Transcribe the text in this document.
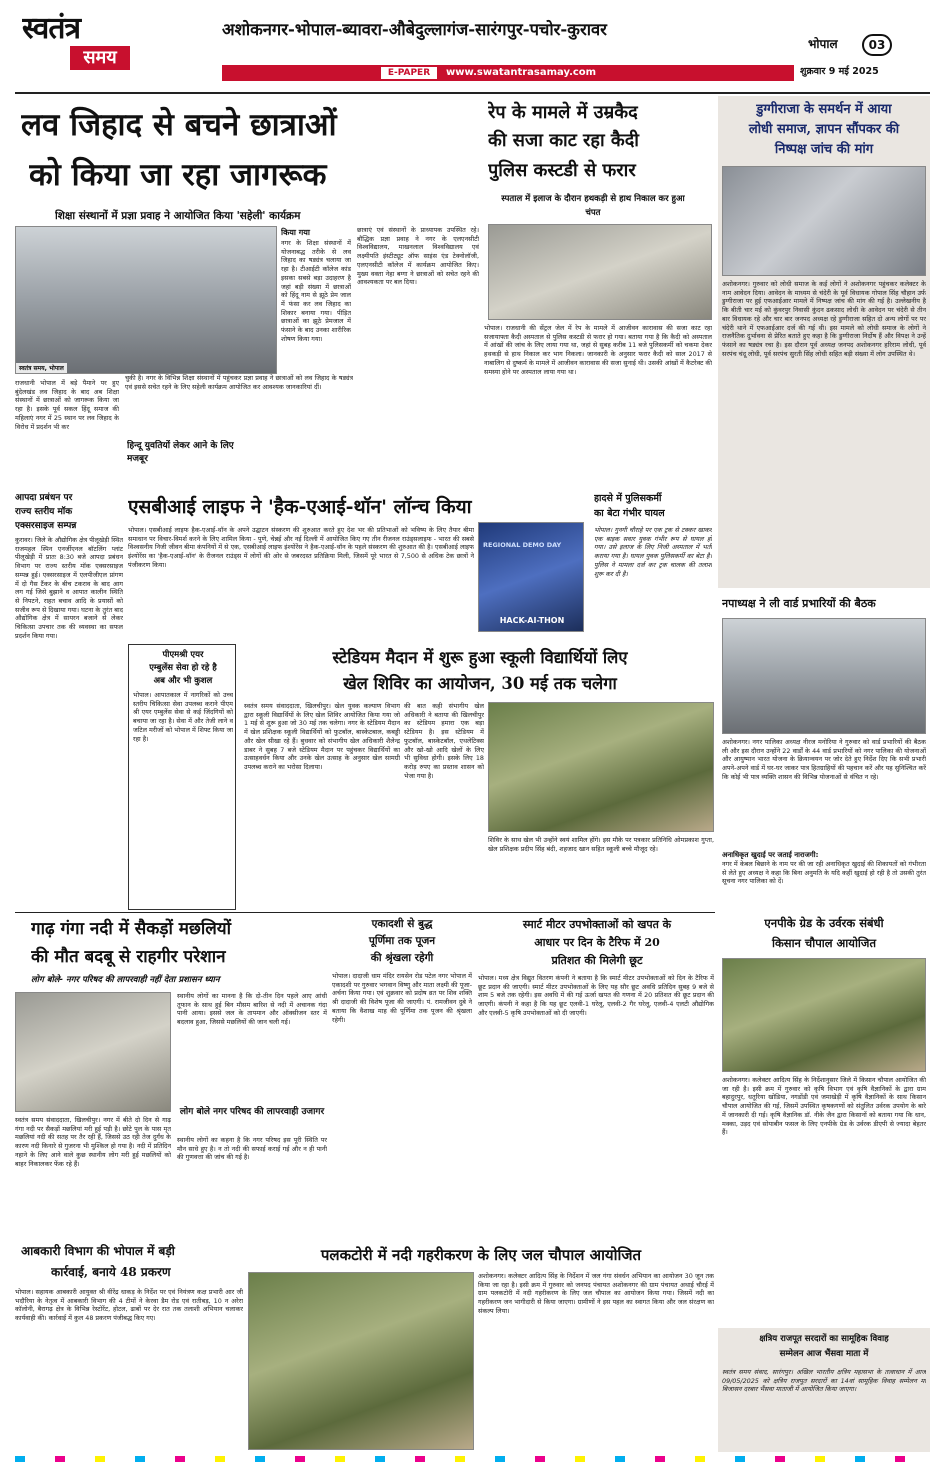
स्वतंत्र
समय
अशोकनगर-भोपाल-ब्यावरा-औबेदुल्लागंज-सारंगपुर-पचोर-कुरावर
E-PAPER	www.swatantrasamay.com
भोपाल	03
शुक्रवार 9 मई 2025
लव जिहाद से बचने छात्राओं
को किया जा रहा जागरूक
शिक्षा संस्थानों में प्रज्ञा प्रवाह ने आयोजित किया 'सहेली' कार्यक्रम
स्वतंत्र समय, भोपाल
किया गया
राजधानी भोपाल में बड़े पैमाने पर हुए बुंदेलखंड लव जिहाद के बाद अब शिक्षा संस्थानों में छात्राओं को जागरूक किया जा रहा है। इसके पूर्व सकल हिंदू समाज की महिलाएं नगर में 25 स्थान पर लव जिहाद के विरोध में प्रदर्शन भी कर
नगर के शिक्षा संस्थानों में योजनाबद्ध तरीके से लव जिहाद का षड्यंत्र चलाया जा रहा है। टीआईटी कॉलेज कांड इसका सबसे बड़ा उदाहरण है जहां बड़ी संख्या में छात्राओं को हिंदू नाम से झूठे प्रेम जाल में फंसा कर लव जिहाद का शिकार बनाया गया। पीड़ित छात्राओं का झूठे प्रेमजाल में फंसाने के बाद उनका शारीरिक शोषण किया गया।
छात्राएं एवं संस्थानों के प्राध्यापक उपस्थित रहे। बौद्धिक प्रज्ञा प्रवाह ने नगर के एलएनसीटी विश्वविद्यालय, माखनलाल विश्वविद्यालय एवं लक्ष्मीपति इंस्टीट्यूट ऑफ साइंस एंड टेक्नोलॉजी, एलएनसीटी कॉलेज में कार्यक्रम आयोजित किए। मुख्य वक्ता नेहा बग्गा ने छात्राओं को सचेत रहने की आवश्यकता पर बल दिया।
चुकी है। नगर के विभिन्न शिक्षा संस्थानों में पहुंचकर प्रज्ञा प्रवाह ने छात्राओं को लव जिहाद के षड्यंत्र एवं इससे सचेत रहने के लिए सहेली कार्यक्रम आयोजित कर आवश्यक जानकारियां दीं।
हिन्दू युवतियों लेकर आने के लिए मजबूर
रेप के मामले में उम्रकैद
की सजा काट रहा कैदी
पुलिस कस्टडी से फरार
स्पताल में इलाज के दौरान हथकड़ी से हाथ निकाल कर हुआ चंपत
भोपाल। राजधानी की सेंट्रल जेल में रेप के मामले में आजीवन कारावास की सजा काट रहा सजायाफ्ता कैदी अस्पताल से पुलिस कस्टडी से फरार हो गया। बताया गया है कि कैदी को अस्पताल में आंखों की जांच के लिए लाया गया था, जहां से सुबह करीब 11 बजे पुलिसकर्मी को चकमा देकर हथकड़ी से हाथ निकाल कर भाग निकला। जानकारी के अनुसार फरार कैदी को साल 2017 से नाबालिग से दुष्कर्म के मामले में आजीवन कारावास की सजा सुनाई थी। उसकी आंखों में कैटरेक्ट की समस्या होने पर अस्पताल लाया गया था।
डुग्गीराजा के समर्थन में आया
लोधी समाज, ज्ञापन सौंपकर की
निष्पक्ष जांच की मांग
अशोकनगर। गुरुवार को लोधी समाज के कई लोगों ने अशोकनगर पहुंचकर कलेक्टर के नाम आवेदन दिया। आवेदन के माध्यम से चंदेरी के पूर्व विधायक गोपाल सिंह चौहान उर्फ डुग्गीराजा पर हुई एफआईआर मामले में निष्पक्ष जांच की मांग की गई है। उल्लेखनीय है कि बीती चार मई को कुंवरपुर निवासी कुंदन ढकसाद लोधी के आवेदन पर चंदेरी से तीन बार विधायक रहे और चार बार जनपद अध्यक्ष रहे डुग्गीराजा सहित दो अन्य लोगों पर पर चंदेरी थाने में एफआईआर दर्ज की गई थी। इस मामले को लोधी समाज के लोगों ने राजनैतिक दुर्भावना से प्रेरित बताते हुए कहा है कि डुग्गीराजा निर्दोष हैं और विपक्ष ने उन्हें फंसाने का षड्यंत्र रचा है। इस दौरान पूर्व अध्यक्ष जनपद अशोकनगर हरिराम लोधी, पूर्व सरपंच चंदू लोधी, पूर्व सरपंच सुरती सिंह लोधी सहित बड़ी संख्या में लोग उपस्थित थे।
नपाध्यक्ष ने ली वार्ड प्रभारियों की बैठक
अशोकनगर। नगर पालिका अध्यक्ष नीरज मनोरिया ने गुरुवार को वार्ड प्रभारियों की बैठक ली और इस दौरान उन्होंने 22 वार्डों के 44 वार्ड प्रभारियों को नगर पालिका की योजनाओं और आयुष्मान भारत योजना के क्रियान्वयन पर जोर देते हुए निर्देश दिए कि सभी प्रभारी अपने-अपने वार्ड में घर-घर जाकर पात्र हितग्राहियों की पहचान करें और यह सुनिश्चित करें कि कोई भी पात्र व्यक्ति शासन की विभिन्न योजनाओं से वंचित न रहे।
अनाधिकृत खुदाई पर जताई नाराजगी:
नगर में केबल बिछाने के नाम पर की जा रही अनाधिकृत खुदाई की शिकायतों को गंभीरता से लेते हुए अध्यक्ष ने कहा कि बिना अनुमति के यदि कहीं खुदाई हो रही है तो उसकी तुरंत सूचना नगर पालिका को दें।
आपदा प्रबंधन पर
राज्य स्तरीय मॉक
एक्सरसाइज सम्पन्न
कुरावर। जिले के औद्योगिक क्षेत्र पीलूखेड़ी स्थित राजमहल स्पिन एनर्जीएनल बॉटलिंग प्लांट पीलूखेड़ी में प्रातः 8:30 बजे आपदा प्रबंधन विभाग पर राज्य स्तरीय मॉक एक्सरसाइज सम्पन्न हुई। एक्सरसाइज में एलपीजीएल प्रांगण में दो गैस टैंकर के बीच टकराव के बाद आग लग गई जिसे बुझाने व आपात कालीन स्थिति से निपटने, राहत बचाव आदि के प्रयासों को सजीव रूप से दिखाया गया। घटना के तुरंत बाद औद्योगिक क्षेत्र में सायरन बजाने से लेकर चिकित्सा उपचार तक की व्यवस्था का सफल प्रदर्शन किया गया।
एसबीआई लाइफ ने 'हैक-एआई-थॉन' लॉन्च किया
भोपाल। एसबीआई लाइफ हैक-एआई-थॉन के अपने उद्घाटन संस्करण की शुरुआत करते हुए देश भर की प्रतिभाओं को भविष्य के लिए तैयार बीमा समाधान पर विचार-विमर्श करने के लिए शामिल किया - पुणे, चेन्नई और नई दिल्ली में आयोजित किए गए तीन रीजनल राउंड्सलाइफ - भारत की सबसे विश्वसनीय निजी जीवन बीमा कंपनियों में से एक, एसबीआई लाइफ इंश्योरेंस ने हैक-एआई-थॉन के पहले संस्करण की शुरुआत की है। एसबीआई लाइफ इंश्योरेंस का 'हैक-एआई-थॉन' के रीजनल राउंड्स में लोगों की ओर से जबरदस्त प्रतिक्रिया मिली, जिसमें पूरे भारत से 7,500 से अधिक टेक छात्रों ने पंजीकरण किया।
REGIONAL DEMO DAY
HACK-AI-THON
हादसे में पुलिसकर्मी
का बेटा गंभीर घायल
भोपाल। गुनगी चौराहे पर एक ट्रक से टक्कर खाकर एक बाइक सवार युवक गंभीर रूप से घायल हो गया। उसे इलाज के लिए निजी अस्पताल में भर्ती कराया गया है। घायल युवक पुलिसकर्मी का बेटा है। पुलिस ने मामला दर्ज कर ट्रक चालक की तलाश शुरू कर दी है।
पीएमश्री एयर
एम्बुलेंस सेवा हो रहे है
अब और भी कुशल
भोपाल। आपातकाल में नागरिकों को उच्च स्तरीय चिकित्सा सेवा उपलब्ध कराने पीएम श्री एयर एम्बुलेंस सेवा से कई जिंदगियों को बचाया जा रहा है। सेवा में और तेजी लाने व जटिल मरीजों को भोपाल में शिफ्ट किया जा रहा है।
स्टेडियम मैदान में शुरू हुआ स्कूली विद्यार्थियों लिए
खेल शिविर का आयोजन, 30 मई तक चलेगा
स्वतंत्र समय संवाददाता, खिलचीपुर। खेल युवक कल्याण विभाग द्वारा स्कूली विद्यार्थियों के लिए खेल शिविर आयोजित किया गया जो 1 मई से शुरू हुआ जो 30 मई तक चलेगा। नगर के स्टेडियम मैदान में खेल प्रशिक्षक स्कूली विद्यार्थियों को फुटबॉल, बास्केटबाल, कबड्डी और खेल सीखा रहे हैं। बुधवार को संभागीय खेल अधिकारी शैलेन्द्र डाबर ने सुबह 7 बजे स्टेडियम मैदान पर पहुंचकर विद्यार्थियों का उत्साहवर्धन किया और उनके खेल उत्साह के अनुसार खेल सामग्री उपलब्ध कराने का भरोसा दिलाया।
की बात कही संभागीय खेल अधिकारी ने बताया की खिलचीपुर का स्टेडियम हमारा एक बड़ा स्टेडियम है। इस स्टेडियम में फुटबॉल, बास्केटबॉल, एथलेटिक्स और खो-खो आदि खेलों के लिए भी सुविधा होगी। इसके लिए 18 करोड़ रुपए का प्रस्ताव शासन को भेजा गया है।
शिविर के साथ खेल भी उन्होंने स्वयं शामिल होंगे। इस मौके पर पत्रकार प्रतिनिधि ओमप्रकाश गुप्ता, खेल प्रशिक्षक प्रदीप सिंह बंदी, शहजाद खान सहित स्कूली बच्चे मौजूद रहे।
गाढ़ गंगा नदी में सैकड़ों मछलियों
की मौत बदबू से राहगीर परेशान
लोग बोले- नगर परिषद की लापरवाही नहीं देता प्रशासन ध्यान
स्वतंत्र समय संवाददाता, खिलचीपुर। नगर में बीते दो दिन से गाढ़ गंगा नदी पर सैकड़ों मछलियां मरी हुई पड़ी है। छोटे पुल के पास मृत मछलियां नदी की सतह पर तैर रही हैं, जिससे उठ रही तेज दुर्गंध के कारण नदी किनारे से गुजरना भी मुश्किल हो गया है। नदी में प्रतिदिन नहाने के लिए आने वाले कुछ स्थानीय लोग मरी हुई मछलियों को बाहर निकालकर फेंक रहे हैं।
स्थानीय लोगों का मानना है कि दो-तीन दिन पहले आए आंधी तूफान के साथ हुई बिन मौसम बारिश से नदी में अचानक गंदा पानी आया। इससे जल के तापमान और ऑक्सीजन स्तर में बदलाव हुआ, जिससे मछलियों की जान चली गई।
लोग बोले नगर परिषद की लापरवाही उजागर
स्थानीय लोगों का कहना है कि नगर परिषद इस पूरी स्थिति पर मौन साधे हुए है। न तो नदी की सफाई कराई गई और न ही पानी की गुणवत्ता की जांच की गई है।
एकादशी से बुद्ध
पूर्णिमा तक पूजन
की श्रृंखला रहेगी
भोपाल। दादाजी धाम मंदिर रायसेन रोड पटेल नगर भोपाल में एकादशी पर गुरुवार भगवान विष्णु और माता लक्ष्मी की पूजा-अर्चना किया गया। एवं शुक्रवार को प्रदोष व्रत पर शिव शक्ति श्री दादाजी की विशेष पूजा की जाएगी। पं. रामजीवन दुबे ने बताया कि वैशाख माह की पूर्णिमा तक पूजन की श्रृंखला रहेगी।
स्मार्ट मीटर उपभोक्ताओं को खपत के
आधार पर दिन के टैरिफ में 20
प्रतिशत की मिलेगी छूट
भोपाल। मध्य क्षेत्र विद्युत वितरण कंपनी ने बताया है कि स्मार्ट मीटर उपभोक्ताओं को दिन के टैरिफ में छूट प्रदान की जाएगी। स्मार्ट मीटर उपभोक्ताओं के लिए यह सौर छूट अवधि प्रतिदिन सुबह 9 बजे से शाम 5 बजे तक रहेगी। इस अवधि में की गई ऊर्जा खपत की गणना में 20 प्रतिशत की छूट प्रदान की जाएगी। कंपनी ने कहा है कि यह छूट एलवी-1 घरेलू, एलवी-2 गैर घरेलू, एलवी-4 एलटी औद्योगिक और एलवी-5 कृषि उपभोक्ताओं को दी जाएगी।
आबकारी विभाग की भोपाल में बड़ी
कार्रवाई, बनाये 48 प्रकरण
भोपाल। सहायक आबकारी आयुक्त श्री वीरेंद्र धाकड़ के निर्देश पर एवं नियंत्रण कक्ष प्रभारी आर जी भदौरिया के नेतृत्व में आबकारी विभाग की 4 टीमों ने केरवा डैम रोड एवं रातीबड़, 10 न अरेरा कॉलोनी, बैरागढ़ क्षेत्र के विभिन्न रेस्टोरेंट, होटल, ढाबों पर देर रात तक तलाशी अभियान चलाकर कार्यवाही की। कार्रवाई में कुल 48 प्रकरण पंजीबद्ध किए गए।
पलकटोरी में नदी गहरीकरण के लिए जल चौपाल आयोजित
अशोकनगर। कलेक्टर आदित्य सिंह के निर्देशन में जल गंगा संवर्धन अभियान का आयोजन 30 जून तक किया जा रहा है। इसी क्रम में गुरुवार को जनपद पंचायत अशोकनगर की ग्राम पंचायत अथाई चौरई में ग्राम पलकटोरी में नदी गहरीकरण के लिए जल चौपाल का आयोजन किया गया। जिसमें नदी का गहरीकरण जन भागीदारी से किया जाएगा। ग्रामीणों ने इस पहल का स्वागत किया और जल संरक्षण का संकल्प लिया।
एनपीके ग्रेड के उर्वरक संबंधी
किसान चौपाल आयोजित
अशोकनगर। कलेक्टर आदित्य सिंह के निर्देशानुसार जिले में किसान चौपाल आयोजित की जा रही है। इसी क्रम में गुरुवार को कृषि विभाग एवं कृषि वैज्ञानिकों के द्वारा ग्राम बहादुरपुर, धतूरिया खोडिया, नगडोंडी एवं जमाखेड़ी में कृषि वैज्ञानिकों के साथ किसान चौपाल आयोजित की गई, जिसमें उपस्थित कृषकगणों को संतुलित उर्वरक उपयोग के बारे में जानकारी दी गई। कृषि वैज्ञानिक डॉ. नीके जैन द्वारा किसानों को बताया गया कि धान, मक्का, उड़द एवं सोयाबीन फसल के लिए एनपीके ग्रेड के उर्वरक डीएपी से ज्यादा बेहतर हैं।
क्षत्रिय राजपूत सरदारों का सामूहिक विवाह
सम्मेलन आज भैंसवा माता में
स्वतंत्र समय संवाद, सारंगपुर। अखिल भारतीय क्षत्रिय महासभा के तत्वाधान में आज 09/05/2025 को क्षत्रिय राजपूत सरदारों का 14वां सामूहिक विवाह सम्मेलन मां बिजासन दरबार भैंसवा माताजी में आयोजित किया जाएगा।
